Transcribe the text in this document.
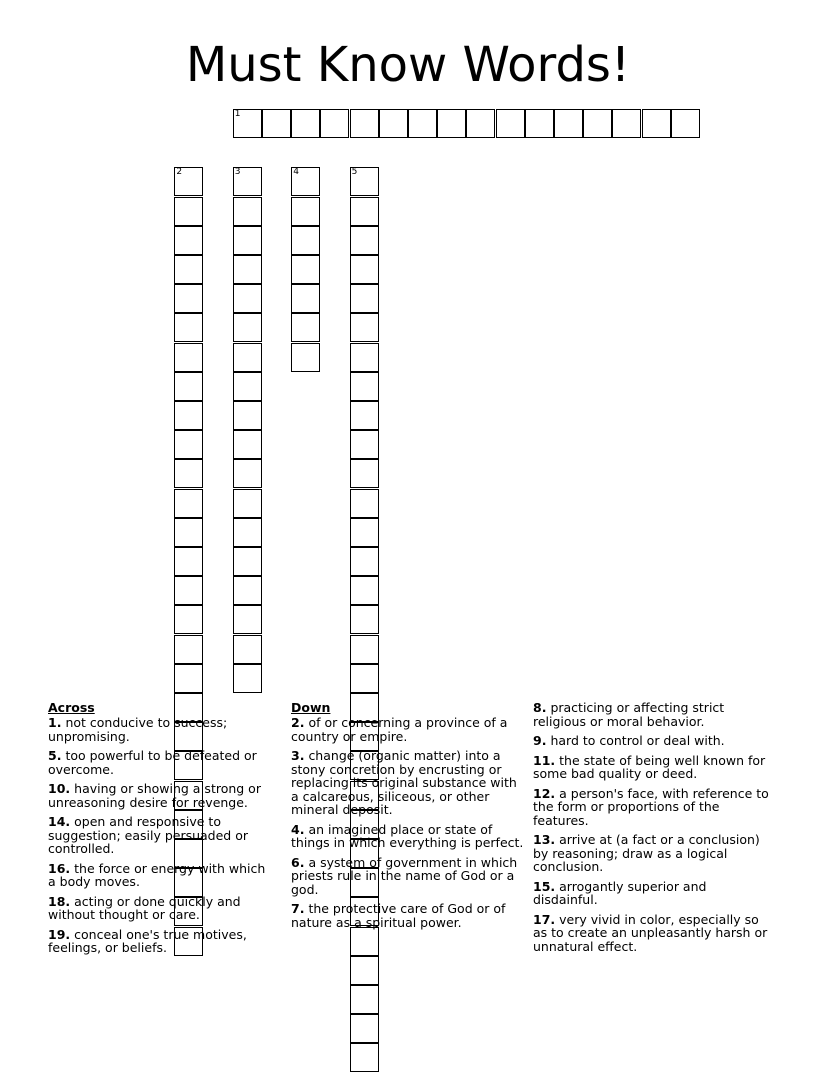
Must Know Words!
1
2	3	4	5
Across
1. not conducive to success; unpromising.
5. too powerful to be defeated or overcome.
10. having or showing a strong or unreasoning desire for revenge.
14. open and responsive to suggestion; easily persuaded or controlled.
16. the force or energy with which a body moves.
18. acting or done quickly and without thought or care.
19. conceal one's true motives, feelings, or beliefs.
Down
2. of or concerning a province of a country or empire.
3. change (organic matter) into a stony concretion by encrusting or replacing its original substance with a calcareous, siliceous, or other mineral deposit.
4. an imagined place or state of things in which everything is perfect.
6. a system of government in which priests rule in the name of God or a god.
7. the protective care of God or of nature as a spiritual power.
8. practicing or affecting strict religious or moral behavior.
9. hard to control or deal with.
11. the state of being well known for some bad quality or deed.
12. a person's face, with reference to the form or proportions of the features.
13. arrive at (a fact or a conclusion) by reasoning; draw as a logical conclusion.
15. arrogantly superior and disdainful.
17. very vivid in color, especially so as to create an unpleasantly harsh or unnatural effect.
